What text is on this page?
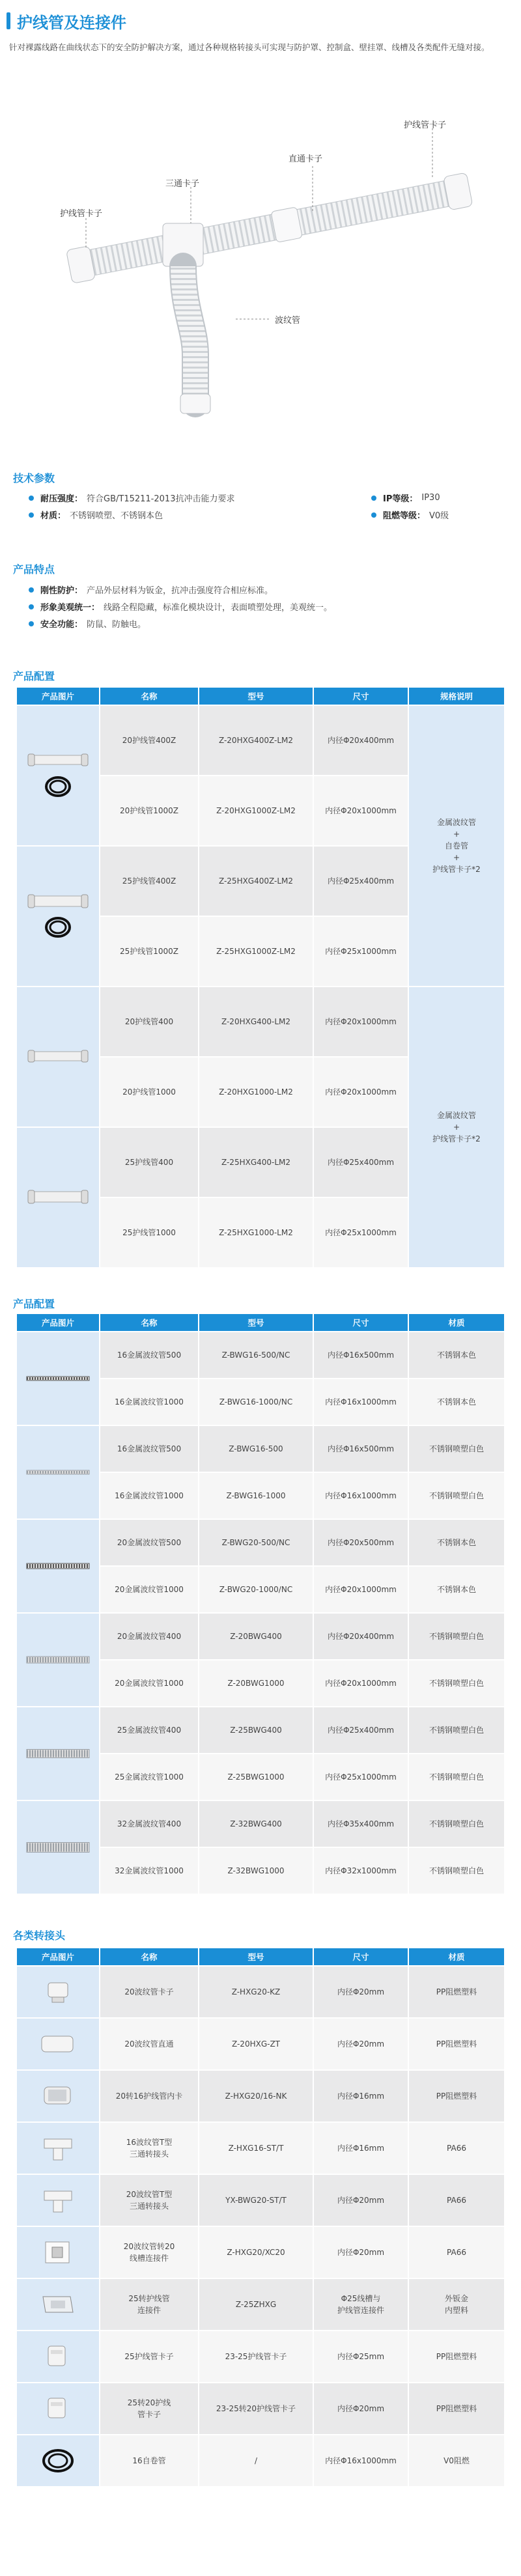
护线管及连接件
针对裸露线路在曲线状态下的安全防护解决方案，通过各种规格转接头可实现与防护罩、控制盒、壁挂罩、线槽及各类配件无缝对接。
护线管卡子
直通卡子
三通卡子
护线管卡子
波纹管
技术参数
耐压强度： 符合GB/T15211-2013抗冲击能力要求	IP等级： IP30
材质： 不锈钢喷塑、不锈钢本色	阻燃等级： V0级
产品特点
刚性防护： 产品外层材料为钣金，抗冲击强度符合相应标准。
形象美观统一： 线路全程隐藏，标准化模块设计，表面喷塑处理，美观统一。
安全功能： 防鼠、防触电。
产品配置
产品图片	名称	型号	尺寸	规格说明

	20护线管400Z	Z-20HXG400Z-LM2	内径Φ20x400mm	金属波纹管
+
自卷管
+
护线管卡子*2

	20护线管1000Z	Z-20HXG1000Z-LM2	内径Φ20x1000mm	

	25护线管400Z	Z-25HXG400Z-LM2	内径Φ25x400mm	
	25护线管1000Z	Z-25HXG1000Z-LM2	内径Φ25x1000mm	

	20护线管400	Z-20HXG400-LM2	内径Φ20x1000mm	金属波纹管
+
护线管卡子*2

	20护线管1000	Z-20HXG1000-LM2	内径Φ20x1000mm	

	25护线管400	Z-25HXG400-LM2	内径Φ25x400mm	
	25护线管1000	Z-25HXG1000-LM2	内径Φ25x1000mm	
产品配置
产品图片	名称	型号	尺寸	材质

	16金属波纹管500	Z-BWG16-500/NC	内径Φ16x500mm	不锈钢本色
	16金属波纹管1000	Z-BWG16-1000/NC	内径Φ16x1000mm	不锈钢本色

	16金属波纹管500	Z-BWG16-500	内径Φ16x500mm	不锈钢喷塑白色
	16金属波纹管1000	Z-BWG16-1000	内径Φ16x1000mm	不锈钢喷塑白色

	20金属波纹管500	Z-BWG20-500/NC	内径Φ20x500mm	不锈钢本色
	20金属波纹管1000	Z-BWG20-1000/NC	内径Φ20x1000mm	不锈钢本色

	20金属波纹管400	Z-20BWG400	内径Φ20x400mm	不锈钢喷塑白色
	20金属波纹管1000	Z-20BWG1000	内径Φ20x1000mm	不锈钢喷塑白色

	25金属波纹管400	Z-25BWG400	内径Φ25x400mm	不锈钢喷塑白色
	25金属波纹管1000	Z-25BWG1000	内径Φ25x1000mm	不锈钢喷塑白色

	32金属波纹管400	Z-32BWG400	内径Φ35x400mm	不锈钢喷塑白色
	32金属波纹管1000	Z-32BWG1000	内径Φ32x1000mm	不锈钢喷塑白色
各类转接头
产品图片	名称	型号	尺寸	材质

	20波纹管卡子	Z-HXG20-KZ	内径Φ20mm	PP阻燃塑料

	20波纹管直通	Z-20HXG-ZT	内径Φ20mm	PP阻燃塑料

	20转16护线管内卡	Z-HXG20/16-NK	内径Φ16mm	PP阻燃塑料

	16波纹管T型
三通转接头	Z-HXG16-ST/T	内径Φ16mm	PA66

	20波纹管T型
三通转接头	YX-BWG20-ST/T	内径Φ20mm	PA66

	20波纹管转20
线槽连接件	Z-HXG20/XC20	内径Φ20mm	PA66

	25转护线管
连接件	Z-25ZHXG	Φ25线槽与
护线管连接件	外钣金
内塑料

	25护线管卡子	23-25护线管卡子	内径Φ25mm	PP阻燃塑料

	25转20护线
管卡子	23-25转20护线管卡子	内径Φ20mm	PP阻燃塑料

	16自卷管	/	内径Φ16x1000mm	V0阻燃
